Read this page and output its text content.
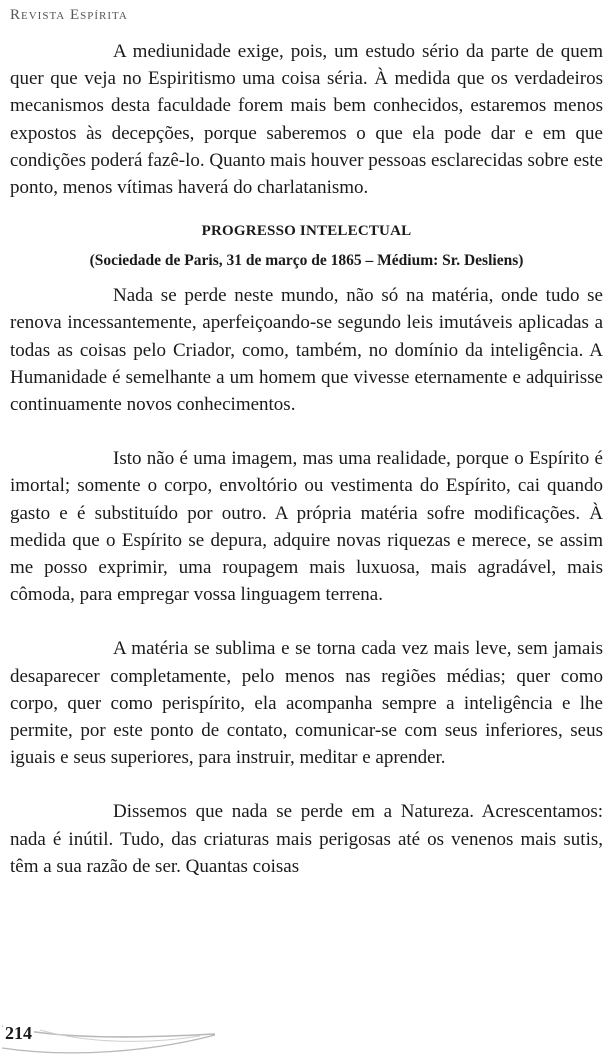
Revista Espírita

A mediunidade exige, pois, um estudo sério da parte de quem quer que veja no Espiritismo uma coisa séria. À medida que os verdadeiros mecanismos desta faculdade forem mais bem conhecidos, estaremos menos expostos às decepções, porque saberemos o que ela pode dar e em que condições poderá fazê-lo. Quanto mais houver pessoas esclarecidas sobre este ponto, menos vítimas haverá do charlatanismo.

PROGRESSO INTELECTUAL

(Sociedade de Paris, 31 de março de 1865 – Médium: Sr. Desliens)

Nada se perde neste mundo, não só na matéria, onde tudo se renova incessantemente, aperfeiçoando-se segundo leis imutáveis aplicadas a todas as coisas pelo Criador, como, também, no domínio da inteligência. A Humanidade é semelhante a um homem que vivesse eternamente e adquirisse continuamente novos conhecimentos.

Isto não é uma imagem, mas uma realidade, porque o Espírito é imortal; somente o corpo, envoltório ou vestimenta do Espírito, cai quando gasto e é substituído por outro. A própria matéria sofre modificações. À medida que o Espírito se depura, adquire novas riquezas e merece, se assim me posso exprimir, uma roupagem mais luxuosa, mais agradável, mais cômoda, para empregar vossa linguagem terrena.

A matéria se sublima e se torna cada vez mais leve, sem jamais desaparecer completamente, pelo menos nas regiões médias; quer como corpo, quer como perispírito, ela acompanha sempre a inteligência e lhe permite, por este ponto de contato, comunicar-se com seus inferiores, seus iguais e seus superiores, para instruir, meditar e aprender.

Dissemos que nada se perde em a Natureza. Acrescentamos: nada é inútil. Tudo, das criaturas mais perigosas até os venenos mais sutis, têm a sua razão de ser. Quantas coisas

214
